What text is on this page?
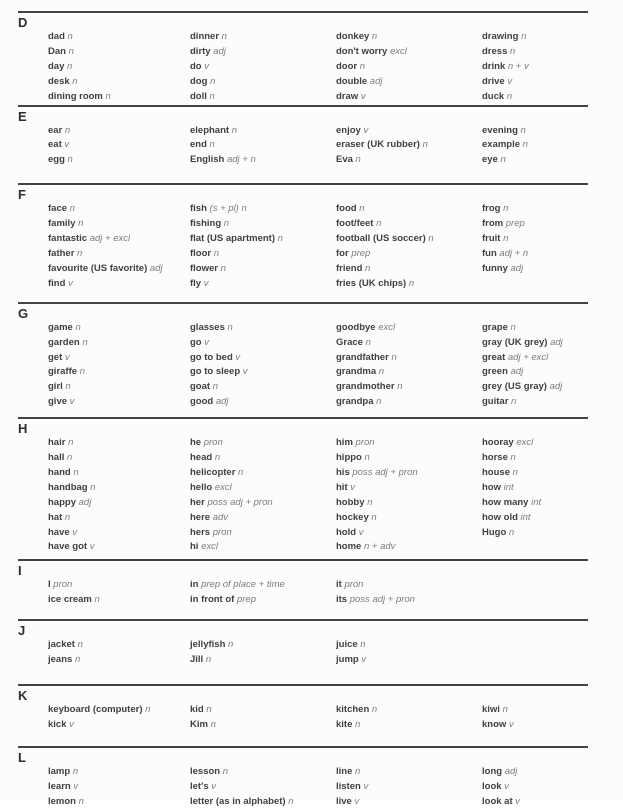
D
dad n
Dan n
day n
desk n
dining room n
dinner n
dirty adj
do v
dog n
doll n
donkey n
don't worry excl
door n
double adj
draw v
drawing n
dress n
drink n + v
drive v
duck n
E
ear n
eat v
egg n
elephant n
end n
English adj + n
enjoy v
eraser (UK rubber) n
Eva n
evening n
example n
eye n
F
face n
family n
fantastic adj + excl
father n
favourite (US favorite) adj
find v
fish (s + pl) n
fishing n
flat (US apartment) n
floor n
flower n
fly v
food n
foot/feet n
football (US soccer) n
for prep
friend n
fries (UK chips) n
frog n
from prep
fruit n
fun adj + n
funny adj
G
game n
garden n
get v
giraffe n
girl n
give v
glasses n
go v
go to bed v
go to sleep v
goat n
good adj
goodbye excl
Grace n
grandfather n
grandma n
grandmother n
grandpa n
grape n
gray (UK grey) adj
great adj + excl
green adj
grey (US gray) adj
guitar n
H
hair n
hall n
hand n
handbag n
happy adj
hat n
have v
have got v
he pron
head n
helicopter n
hello excl
her poss adj + pron
here adv
hers pron
hi excl
him pron
hippo n
his poss adj + pron
hit v
hobby n
hockey n
hold v
home n + adv
hooray excl
horse n
house n
how int
how many int
how old int
Hugo n
I
I pron
ice cream n
in prep of place + time
in front of prep
it pron
its poss adj + pron
J
jacket n
jeans n
jellyfish n
Jill n
juice n
jump v
K
keyboard (computer) n
kick v
kid n
Kim n
kitchen n
kite n
kiwi n
know v
L
lamp n
learn v
lemon n
lesson n
let's v
letter (as in alphabet) n
line n
listen v
live v
long adj
look v
look at v
